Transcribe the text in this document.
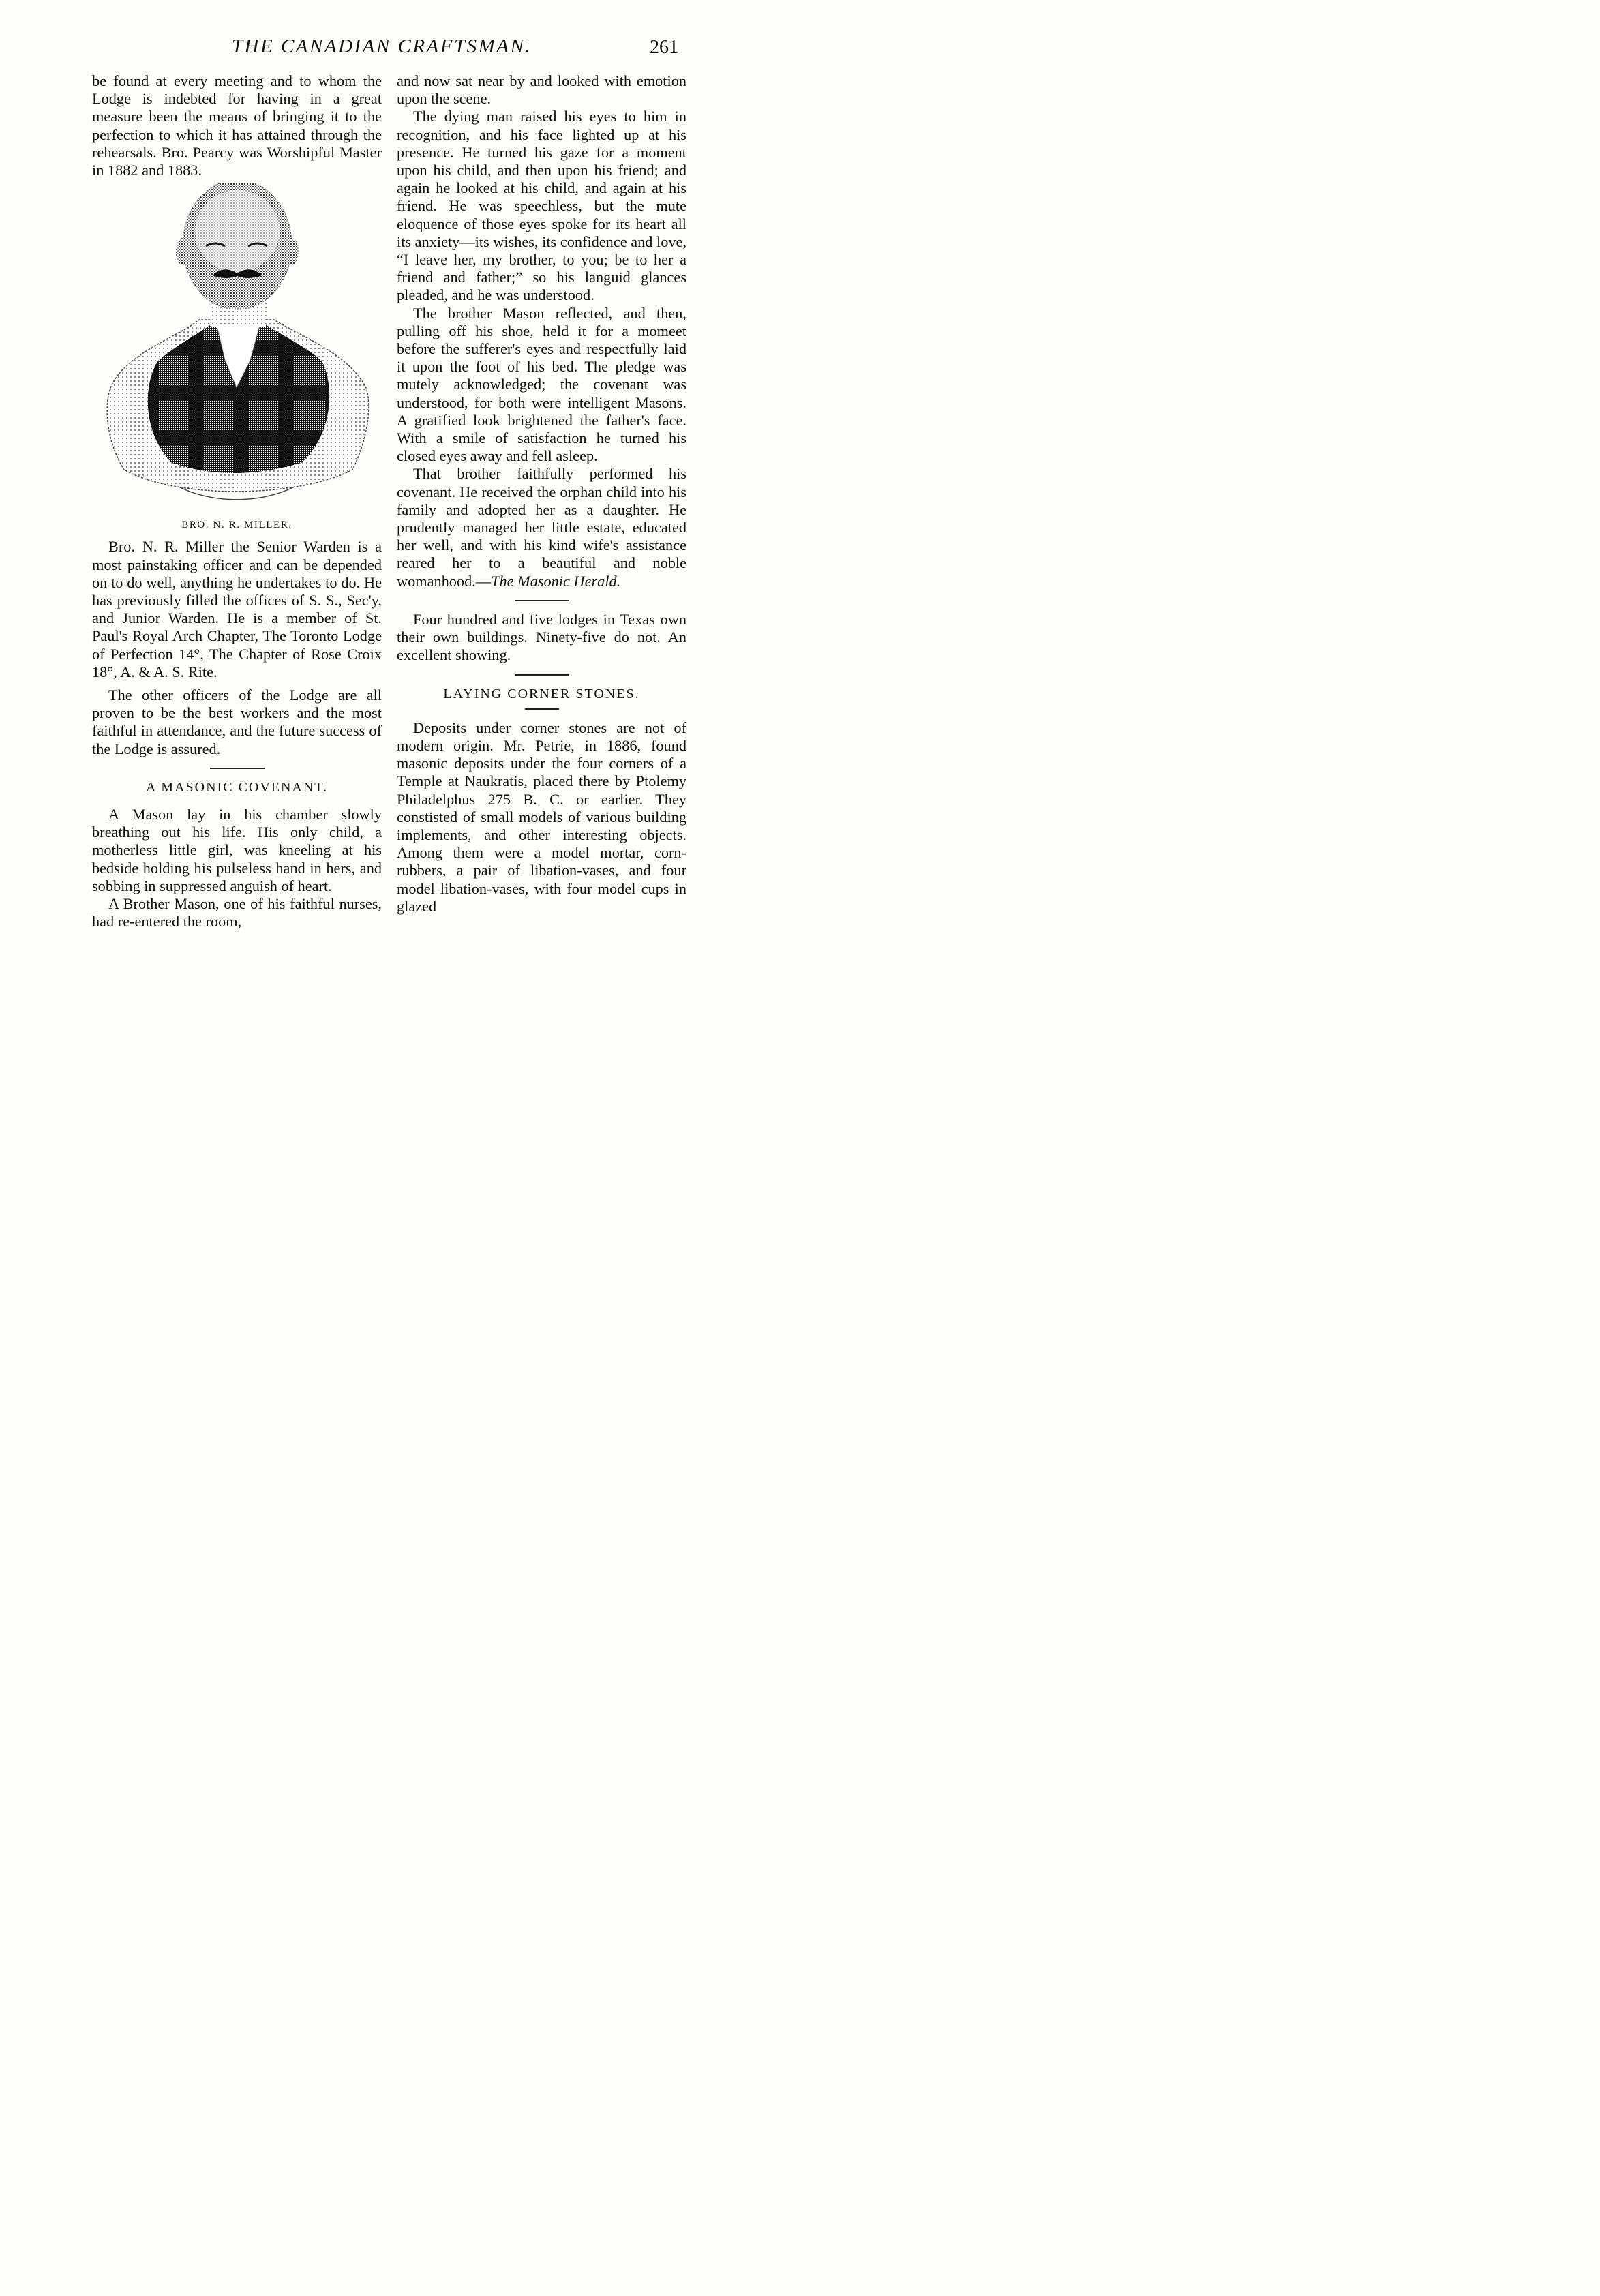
THE CANADIAN CRAFTSMAN.	261

be found at every meeting and to whom the Lodge is indebted for having in a great measure been the means of bringing it to the perfection to which it has attained through the rehearsals. Bro. Pearcy was Worshipful Master in 1882 and 1883.

BRO. N. R. MILLER.

Bro. N. R. Miller the Senior Warden is a most painstaking officer and can be depended on to do well, anything he undertakes to do. He has previously filled the offices of S. S., Sec'y, and Junior Warden. He is a member of St. Paul's Royal Arch Chapter, The Toronto Lodge of Perfection 14°, The Chapter of Rose Croix 18°, A. & A. S. Rite.

The other officers of the Lodge are all proven to be the best workers and the most faithful in attendance, and the future success of the Lodge is assured.

A MASONIC COVENANT.

A Mason lay in his chamber slowly breathing out his life. His only child, a motherless little girl, was kneeling at his bedside holding his pulseless hand in hers, and sobbing in suppressed anguish of heart.

A Brother Mason, one of his faithful nurses, had re-entered the room,

and now sat near by and looked with emotion upon the scene.

The dying man raised his eyes to him in recognition, and his face lighted up at his presence. He turned his gaze for a moment upon his child, and then upon his friend; and again he looked at his child, and again at his friend. He was speechless, but the mute eloquence of those eyes spoke for its heart all its anxiety—its wishes, its confidence and love, “I leave her, my brother, to you; be to her a friend and father;” so his languid glances pleaded, and he was understood.

The brother Mason reflected, and then, pulling off his shoe, held it for a momeet before the sufferer's eyes and respectfully laid it upon the foot of his bed. The pledge was mutely acknowledged; the covenant was understood, for both were intelligent Masons. A gratified look brightened the father's face. With a smile of satisfaction he turned his closed eyes away and fell asleep.

That brother faithfully performed his covenant. He received the orphan child into his family and adopted her as a daughter. He prudently managed her little estate, educated her well, and with his kind wife's assistance reared her to a beautiful and noble womanhood.—The Masonic Herald.

Four hundred and five lodges in Texas own their own buildings. Ninety-five do not. An excellent showing.

LAYING CORNER STONES.

Deposits under corner stones are not of modern origin. Mr. Petrie, in 1886, found masonic deposits under the four corners of a Temple at Naukratis, placed there by Ptolemy Philadelphus 275 B. C. or earlier. They constisted of small models of various building implements, and other interesting objects. Among them were a model mortar, corn-rubbers, a pair of libation-vases, and four model libation-vases, with four model cups in glazed
